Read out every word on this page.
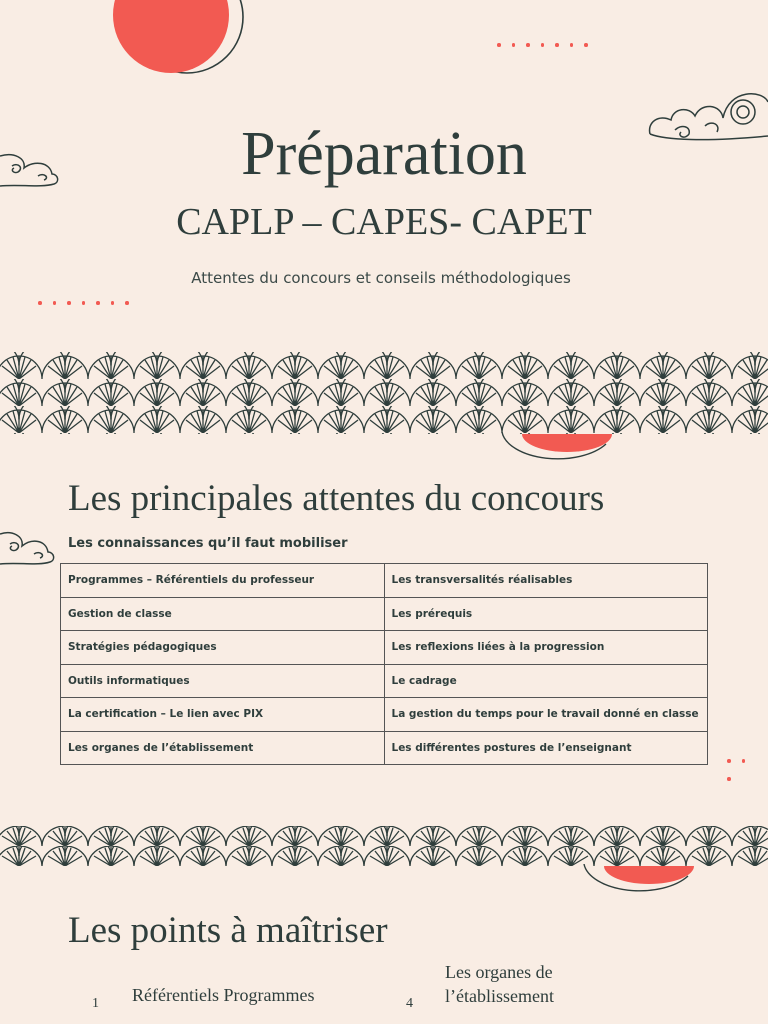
Préparation
CAPLP – CAPES- CAPET
Attentes du concours et conseils méthodologiques
Les principales attentes du concours
Les connaissances qu’il faut mobiliser
Programmes – Référentiels du professeur	Les transversalités réalisables
Gestion de classe	Les prérequis
Stratégies pédagogiques	Les reflexions liées à la progression
Outils informatiques	Le cadrage
La certification – Le lien avec PIX	La gestion du temps pour le travail donné en classe
Les organes de l’établissement	Les différentes postures de l’enseignant
Les points à maîtriser
1 Référentiels Programmes	4
Les organes de l’établissement
